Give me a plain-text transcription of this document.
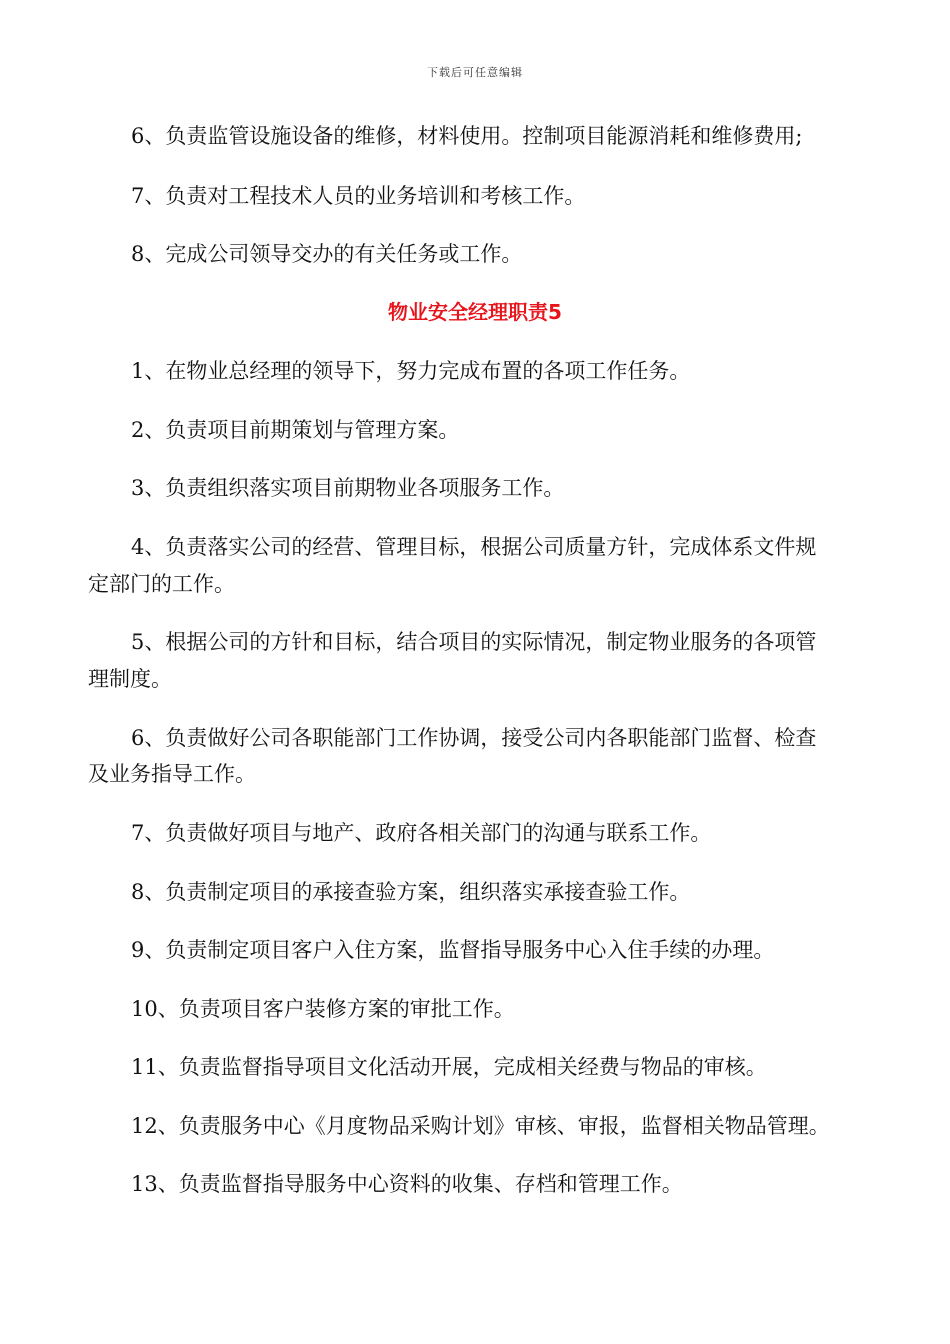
下载后可任意编辑
6、负责监管设施设备的维修，材料使用。控制项目能源消耗和维修费用;
7、负责对工程技术人员的业务培训和考核工作。
8、完成公司领导交办的有关任务或工作。
物业安全经理职责5
1、在物业总经理的领导下，努力完成布置的各项工作任务。
2、负责项目前期策划与管理方案。
3、负责组织落实项目前期物业各项服务工作。
4、负责落实公司的经营、管理目标，根据公司质量方针，完成体系文件规
定部门的工作。
5、根据公司的方针和目标，结合项目的实际情况，制定物业服务的各项管
理制度。
6、负责做好公司各职能部门工作协调，接受公司内各职能部门监督、检查
及业务指导工作。
7、负责做好项目与地产、政府各相关部门的沟通与联系工作。
8、负责制定项目的承接查验方案，组织落实承接查验工作。
9、负责制定项目客户入住方案，监督指导服务中心入住手续的办理。
10、负责项目客户装修方案的审批工作。
11、负责监督指导项目文化活动开展，完成相关经费与物品的审核。
12、负责服务中心《月度物品采购计划》审核、审报，监督相关物品管理。
13、负责监督指导服务中心资料的收集、存档和管理工作。
